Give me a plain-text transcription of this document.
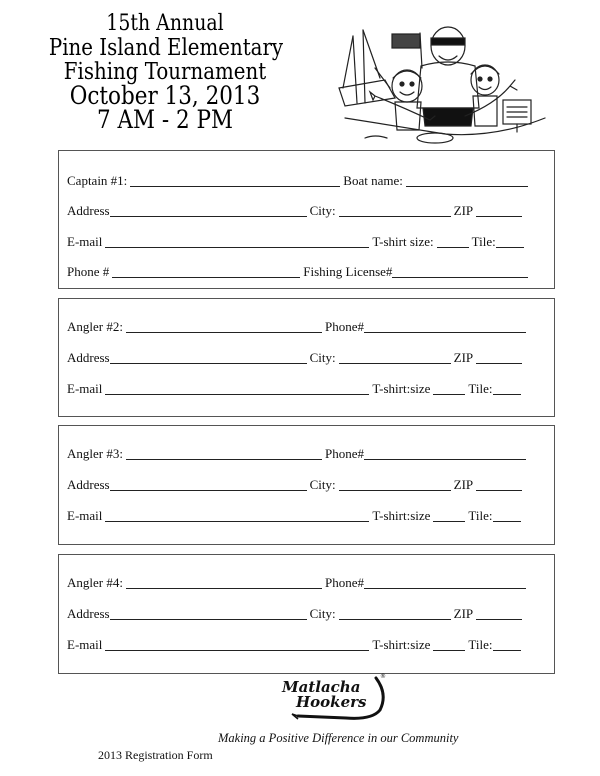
15th Annual
Pine Island Elementary
Fishing Tournament
October 13, 2013
7 AM - 2 PM
Captain #1:	Boat name:
Address	City:	ZIP
E-mail	T-shirt size:	Tile:
Phone #	Fishing License#
Angler #2:	Phone#
Address	City:	ZIP
E-mail	T-shirt:size	Tile:
Angler #3:	Phone#
Address	City:	ZIP
E-mail	T-shirt:size	Tile:
Angler #4:	Phone#
Address	City:	ZIP
E-mail	T-shirt:size	Tile:
Matlacha
Hookers
®
Making a Positive Difference in our Community
2013 Registration Form
